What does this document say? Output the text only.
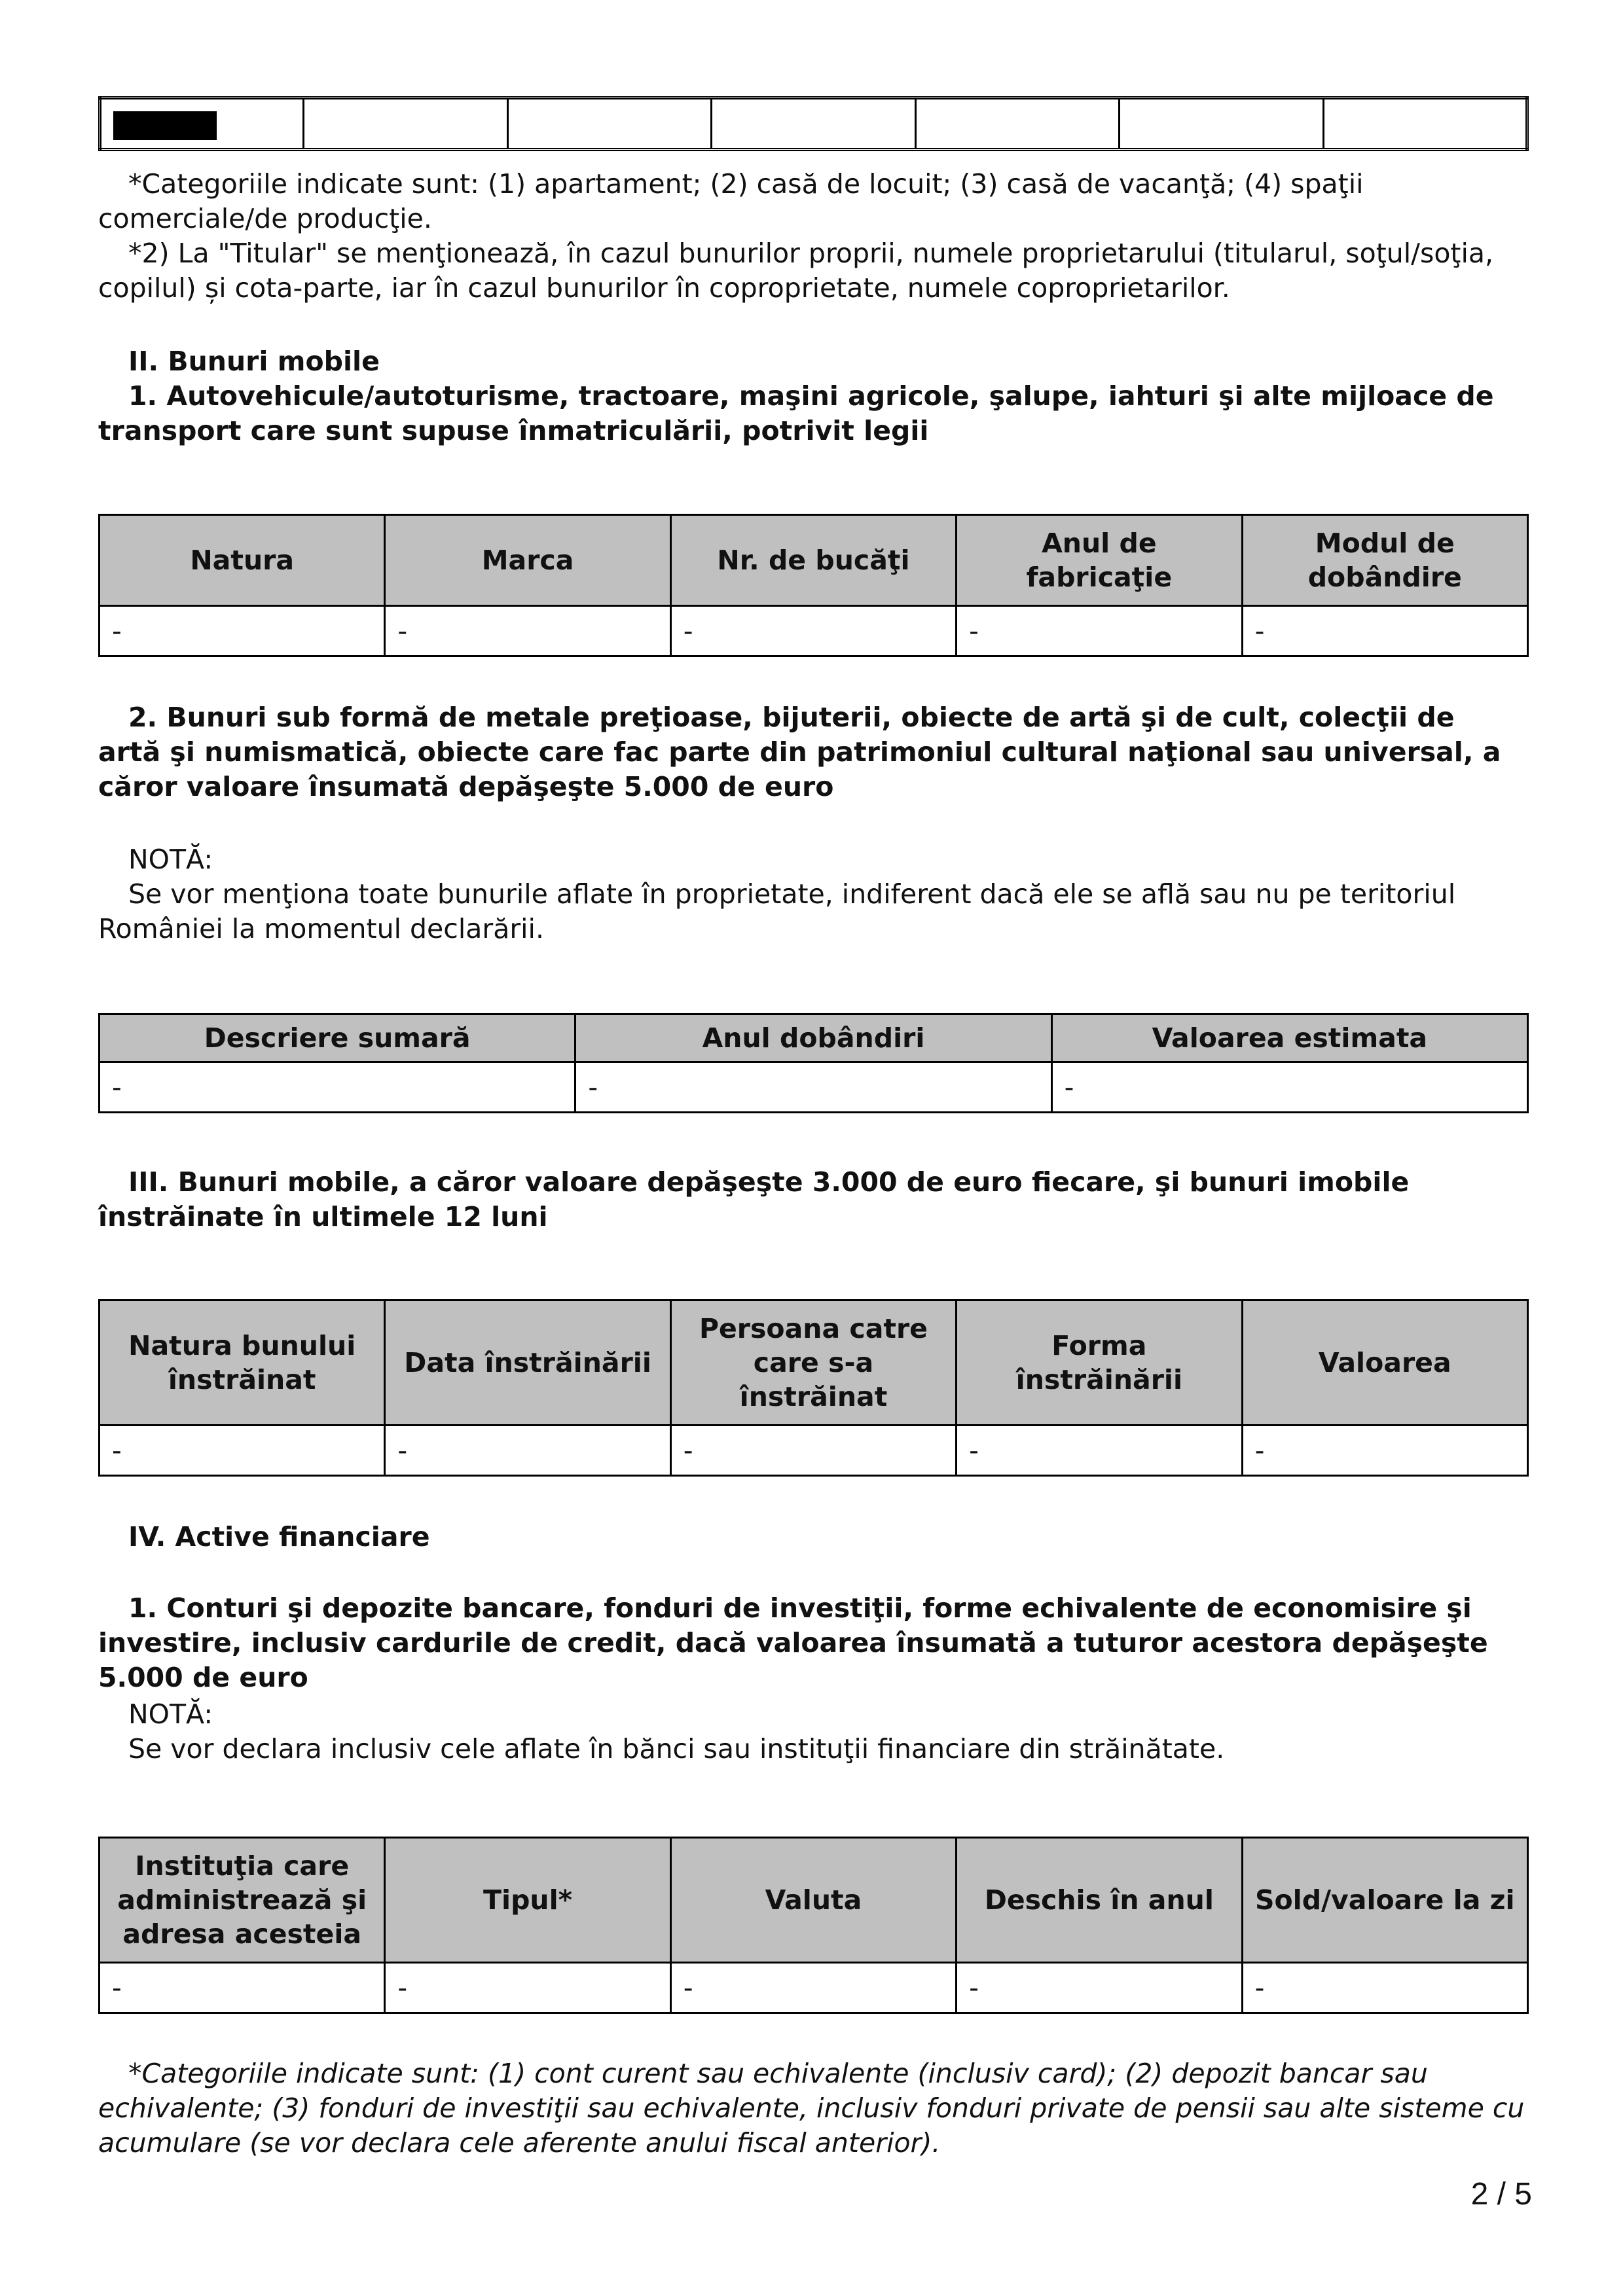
*Categoriile indicate sunt: (1) apartament; (2) casă de locuit; (3) casă de vacanţă; (4) spaţii comerciale/de producţie.

*2) La "Titular" se menţionează, în cazul bunurilor proprii, numele proprietarului (titularul, soţul/soţia, copilul) și cota-parte, iar în cazul bunurilor în coproprietate, numele coproprietarilor.

II. Bunuri mobile

1. Autovehicule/autoturisme, tractoare, maşini agricole, şalupe, iahturi şi alte mijloace de transport care sunt supuse înmatriculării, potrivit legii

Natura	Marca	Nr. de bucăţi	Anul de fabricaţie	Modul de dobândire
-	-	-	-	-

2. Bunuri sub formă de metale preţioase, bijuterii, obiecte de artă şi de cult, colecţii de artă şi numismatică, obiecte care fac parte din patrimoniul cultural naţional sau universal, a căror valoare însumată depăşeşte 5.000 de euro

NOTĂ:

Se vor menţiona toate bunurile aflate în proprietate, indiferent dacă ele se află sau nu pe teritoriul României la momentul declarării.

Descriere sumară	Anul dobândiri	Valoarea estimata
-	-	-

III. Bunuri mobile, a căror valoare depăşeşte 3.000 de euro fiecare, şi bunuri imobile înstrăinate în ultimele 12 luni

Natura bunului înstrăinat	Data înstrăinării	Persoana catre care s-a înstrăinat	Forma înstrăinării	Valoarea
-	-	-	-	-

IV. Active financiare

1. Conturi şi depozite bancare, fonduri de investiţii, forme echivalente de economisire şi investire, inclusiv cardurile de credit, dacă valoarea însumată a tuturor acestora depăşeşte 5.000 de euro

NOTĂ:

Se vor declara inclusiv cele aflate în bănci sau instituţii financiare din străinătate.

Instituţia care administrează şi adresa acesteia	Tipul*	Valuta	Deschis în anul	Sold/valoare la zi
-	-	-	-	-

*Categoriile indicate sunt: (1) cont curent sau echivalente (inclusiv card); (2) depozit bancar sau echivalente; (3) fonduri de investiţii sau echivalente, inclusiv fonduri private de pensii sau alte sisteme cu acumulare (se vor declara cele aferente anului fiscal anterior).

2 / 5
